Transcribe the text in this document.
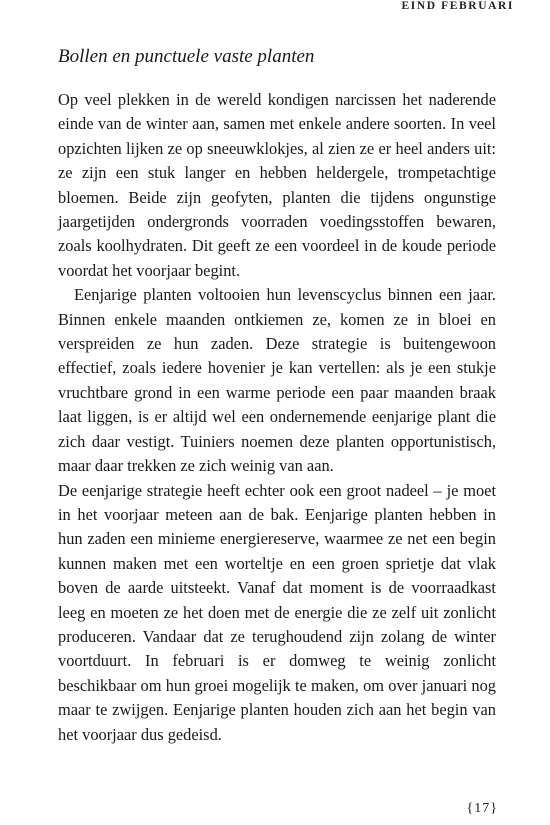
EIND FEBRUARI
Bollen en punctuele vaste planten

Op veel plekken in de wereld kondigen narcissen het naderende einde van de winter aan, samen met enkele andere soorten. In veel opzichten lijken ze op sneeuwklokjes, al zien ze er heel anders uit: ze zijn een stuk langer en hebben heldergele, trompetachtige bloemen. Beide zijn geofyten, planten die tijdens ongunstige jaargetijden ondergronds voorraden voedingsstoffen bewaren, zoals koolhydraten. Dit geeft ze een voordeel in de koude periode voordat het voorjaar begint.

Eenjarige planten voltooien hun levenscyclus binnen een jaar. Binnen enkele maanden ontkiemen ze, komen ze in bloei en verspreiden ze hun zaden. Deze strategie is buitengewoon effectief, zoals iedere hovenier je kan vertellen: als je een stukje vruchtbare grond in een warme periode een paar maanden braak laat liggen, is er altijd wel een ondernemende eenjarige plant die zich daar vestigt. Tuiniers noemen deze planten opportunistisch, maar daar trekken ze zich weinig van aan.

De eenjarige strategie heeft echter ook een groot nadeel – je moet in het voorjaar meteen aan de bak. Eenjarige planten hebben in hun zaden een minieme energiereserve, waarmee ze net een begin kunnen maken met een worteltje en een groen sprietje dat vlak boven de aarde uitsteekt. Vanaf dat moment is de voorraadkast leeg en moeten ze het doen met de energie die ze zelf uit zonlicht produceren. Vandaar dat ze terughoudend zijn zolang de winter voortduurt. In februari is er domweg te weinig zonlicht beschikbaar om hun groei mogelijk te maken, om over januari nog maar te zwijgen. Eenjarige planten houden zich aan het begin van het voorjaar dus gedeisd.

{17}
